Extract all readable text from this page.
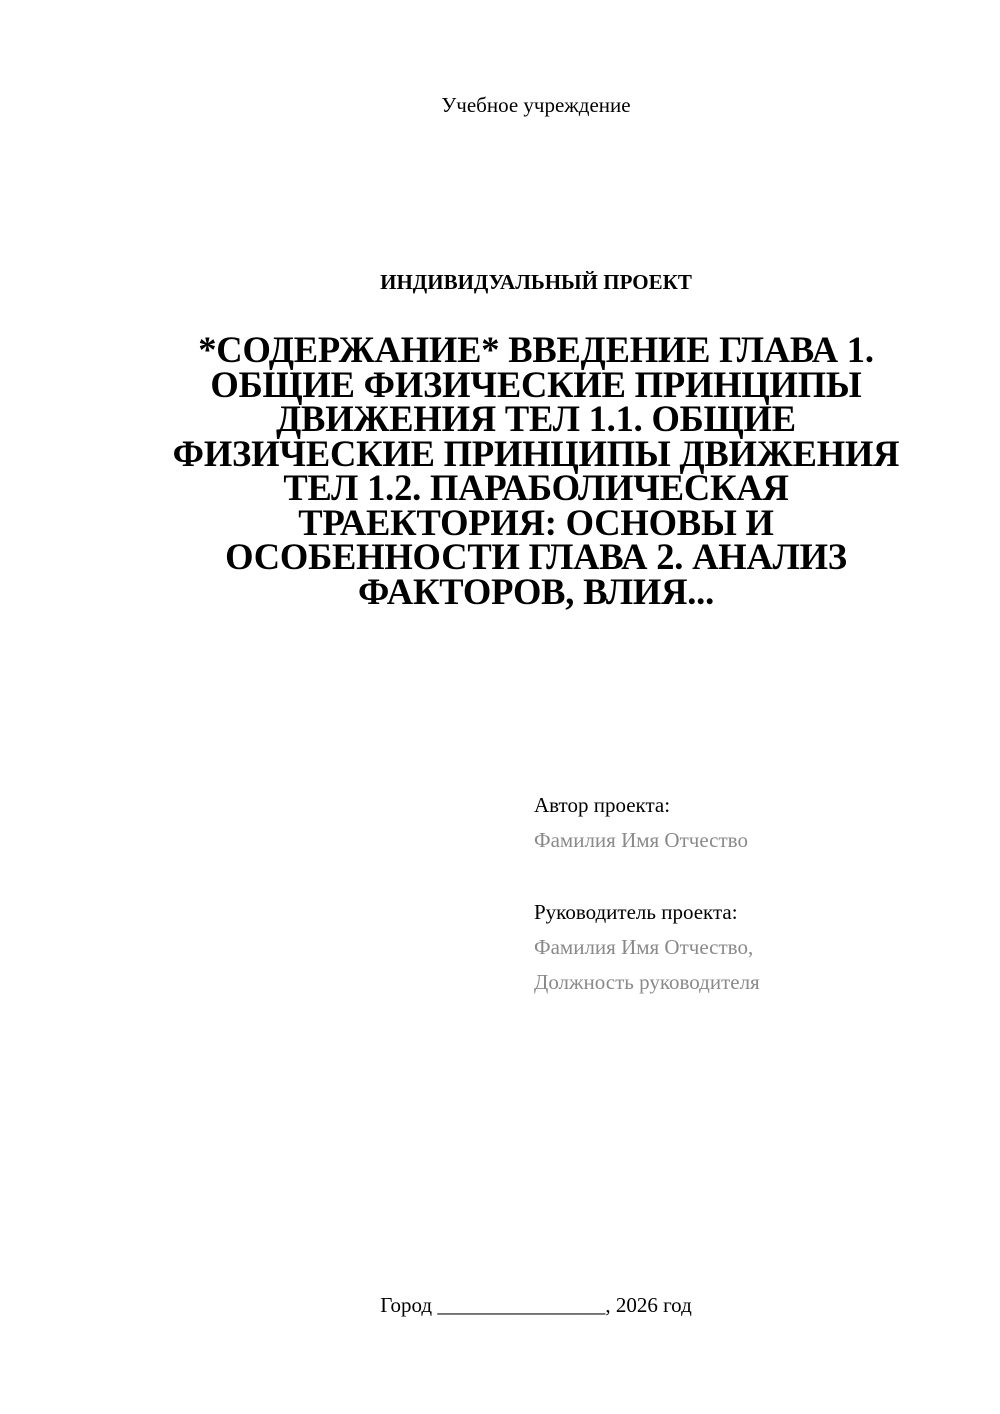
Учебное учреждение
ИНДИВИДУАЛЬНЫЙ ПРОЕКТ
*СОДЕРЖАНИЕ* ВВЕДЕНИЕ ГЛАВА 1. ОБЩИЕ ФИЗИЧЕСКИЕ ПРИНЦИПЫ ДВИЖЕНИЯ ТЕЛ 1.1. ОБЩИЕ ФИЗИЧЕСКИЕ ПРИНЦИПЫ ДВИЖЕНИЯ ТЕЛ 1.2. ПАРАБОЛИЧЕСКАЯ ТРАЕКТОРИЯ: ОСНОВЫ И ОСОБЕННОСТИ ГЛАВА 2. АНАЛИЗ ФАКТОРОВ, ВЛИЯ...
Автор проекта:
Фамилия Имя Отчество
Руководитель проекта:
Фамилия Имя Отчество,
Должность руководителя
Город ________________, 2026 год
